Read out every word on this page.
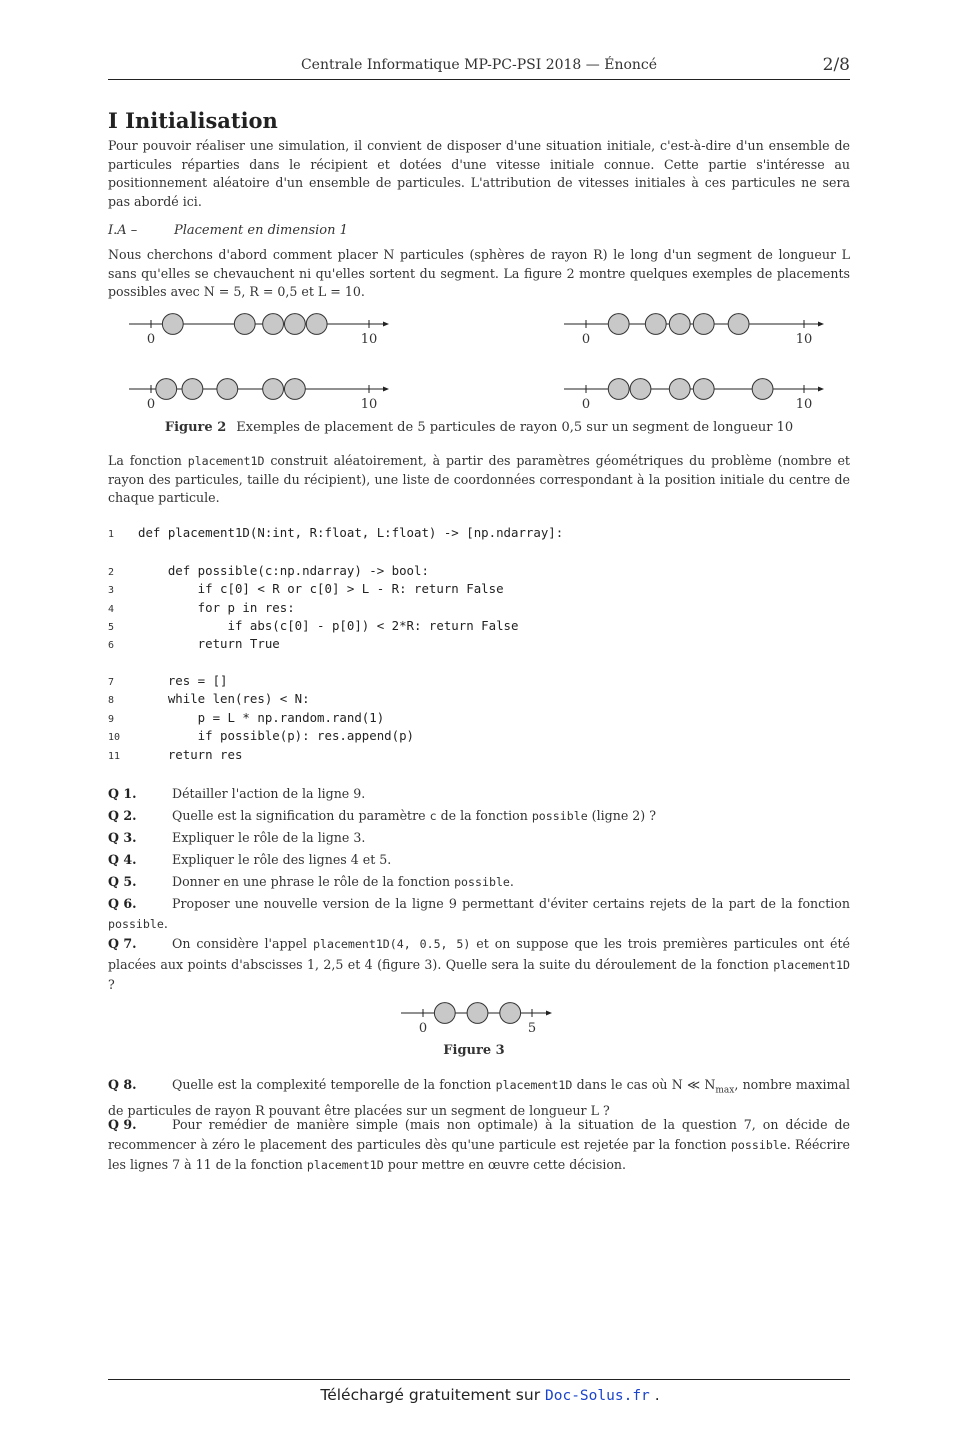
Centrale Informatique MP-PC-PSI 2018 — Énoncé	2/8
I Initialisation

Pour pouvoir réaliser une simulation, il convient de disposer d'une situation initiale, c'est-à-dire d'un ensemble de particules réparties dans le récipient et dotées d'une vitesse initiale connue. Cette partie s'intéresse au positionnement aléatoire d'un ensemble de particules. L'attribution de vitesses initiales à ces particules ne sera pas abordé ici.

I.A –	Placement en dimension 1

Nous cherchons d'abord comment placer N particules (sphères de rayon R) le long d'un segment de longueur L sans qu'elles se chevauchent ni qu'elles sortent du segment. La figure 2 montre quelques exemples de placements possibles avec N = 5, R = 0,5 et L = 10.

0	10	0	10
0	10	0	10
Figure 2 Exemples de placement de 5 particules de rayon 0,5 sur un segment de longueur 10

La fonction placement1D construit aléatoirement, à partir des paramètres géométriques du problème (nombre et rayon des particules, taille du récipient), une liste de coordonnées correspondant à la position initiale du centre de chaque particule.

1 def placement1D(N:int, R:float, L:float) -> [np.ndarray]:
2    def possible(c:np.ndarray) -> bool:
3        if c[0] < R or c[0] > L - R: return False
4        for p in res:
5            if abs(c[0] - p[0]) < 2*R: return False
6        return True
7    res = []
8    while len(res) < N:
9        p = L * np.random.rand(1)
10        if possible(p): res.append(p)
11    return res

Q 1.	Détailler l'action de la ligne 9.

Q 2.	Quelle est la signification du paramètre c de la fonction possible (ligne 2) ?

Q 3.	Expliquer le rôle de la ligne 3.

Q 4.	Expliquer le rôle des lignes 4 et 5.

Q 5.	Donner en une phrase le rôle de la fonction possible.

Q 6.	Proposer une nouvelle version de la ligne 9 permettant d'éviter certains rejets de la part de la fonction possible.

Q 7.	On considère l'appel placement1D(4, 0.5, 5) et on suppose que les trois premières particules ont été placées aux points d'abscisses 1, 2,5 et 4 (figure 3). Quelle sera la suite du déroulement de la fonction placement1D ?

0	5
Figure 3

Q 8.	Quelle est la complexité temporelle de la fonction placement1D dans le cas où N ≪ $N_{max}$, nombre maximal de particules de rayon R pouvant être placées sur un segment de longueur L ?

Q 9.	Pour remédier de manière simple (mais non optimale) à la situation de la question 7, on décide de recommencer à zéro le placement des particules dès qu'une particule est rejetée par la fonction possible. Réécrire les lignes 7 à 11 de la fonction placement1D pour mettre en œuvre cette décision.

Téléchargé gratuitement sur Doc-Solus.fr .
